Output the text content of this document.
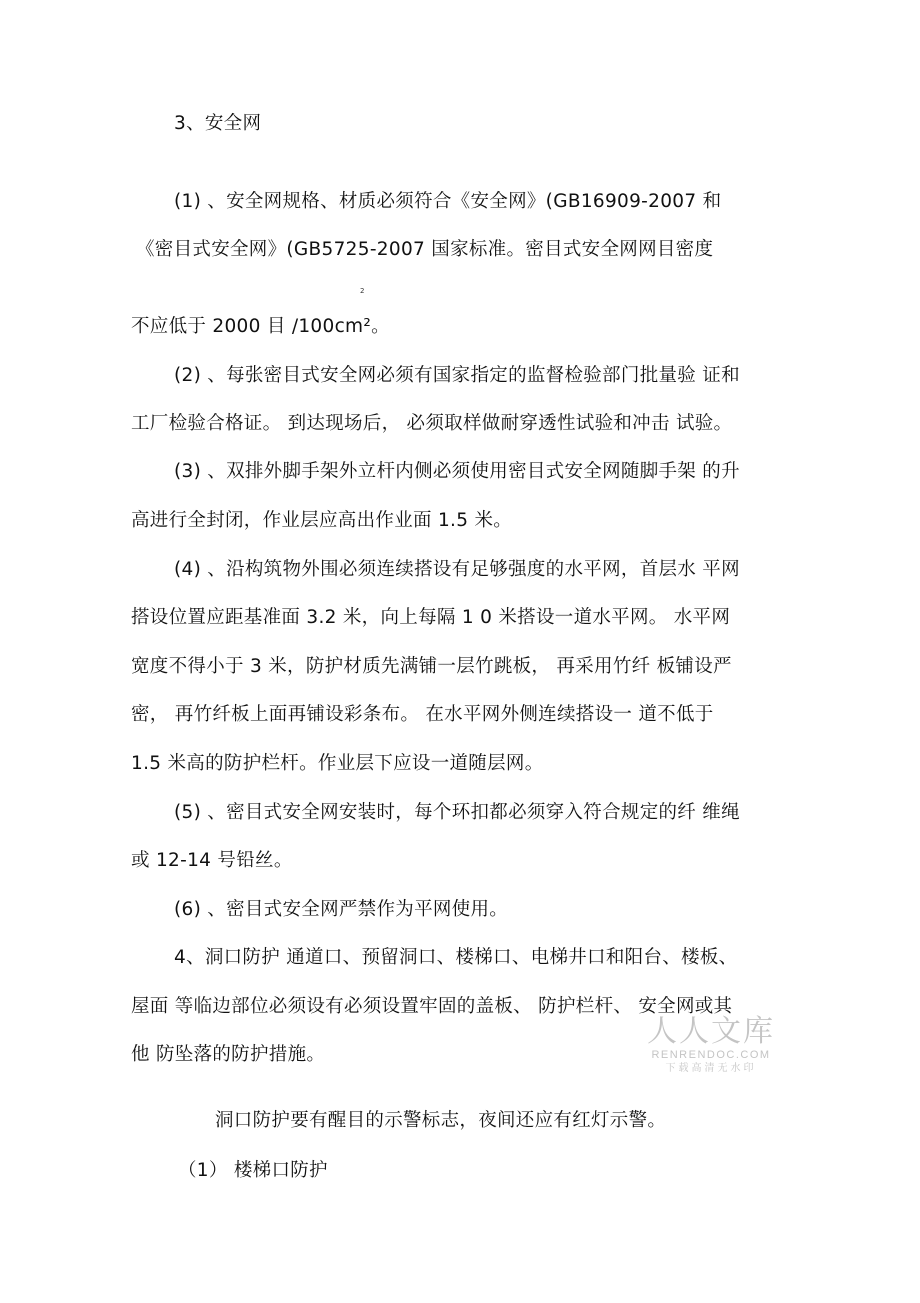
3、安全网
(1) 、安全网规格、材质必须符合《安全网》(GB16909-2007 和
《密目式安全网》(GB5725-2007 国家标准。密目式安全网网目密度
2
不应低于 2000 目 /100cm²。
(2) 、每张密目式安全网必须有国家指定的监督检验部门批量验 证和
工厂检验合格证。 到达现场后， 必须取样做耐穿透性试验和冲击 试验。
(3) 、双排外脚手架外立杆内侧必须使用密目式安全网随脚手架 的升
高进行全封闭，作业层应高出作业面 1.5 米。
(4) 、沿构筑物外围必须连续搭设有足够强度的水平网，首层水 平网
搭设位置应距基准面 3.2 米，向上每隔 1 0 米搭设一道水平网。 水平网
宽度不得小于 3 米，防护材质先满铺一层竹跳板， 再采用竹纤 板铺设严
密， 再竹纤板上面再铺设彩条布。 在水平网外侧连续搭设一 道不低于
1.5 米高的防护栏杆。作业层下应设一道随层网。
(5) 、密目式安全网安装时，每个环扣都必须穿入符合规定的纤 维绳
或 12-14 号铅丝。
(6) 、密目式安全网严禁作为平网使用。
4、洞口防护 通道口、预留洞口、楼梯口、电梯井口和阳台、楼板、
屋面 等临边部位必须设有必须设置牢固的盖板、 防护栏杆、 安全网或其
他 防坠落的防护措施。
洞口防护要有醒目的示警标志，夜间还应有红灯示警。
（1） 楼梯口防护
人人文库
RENRENDOC.COM
下载高清无水印
